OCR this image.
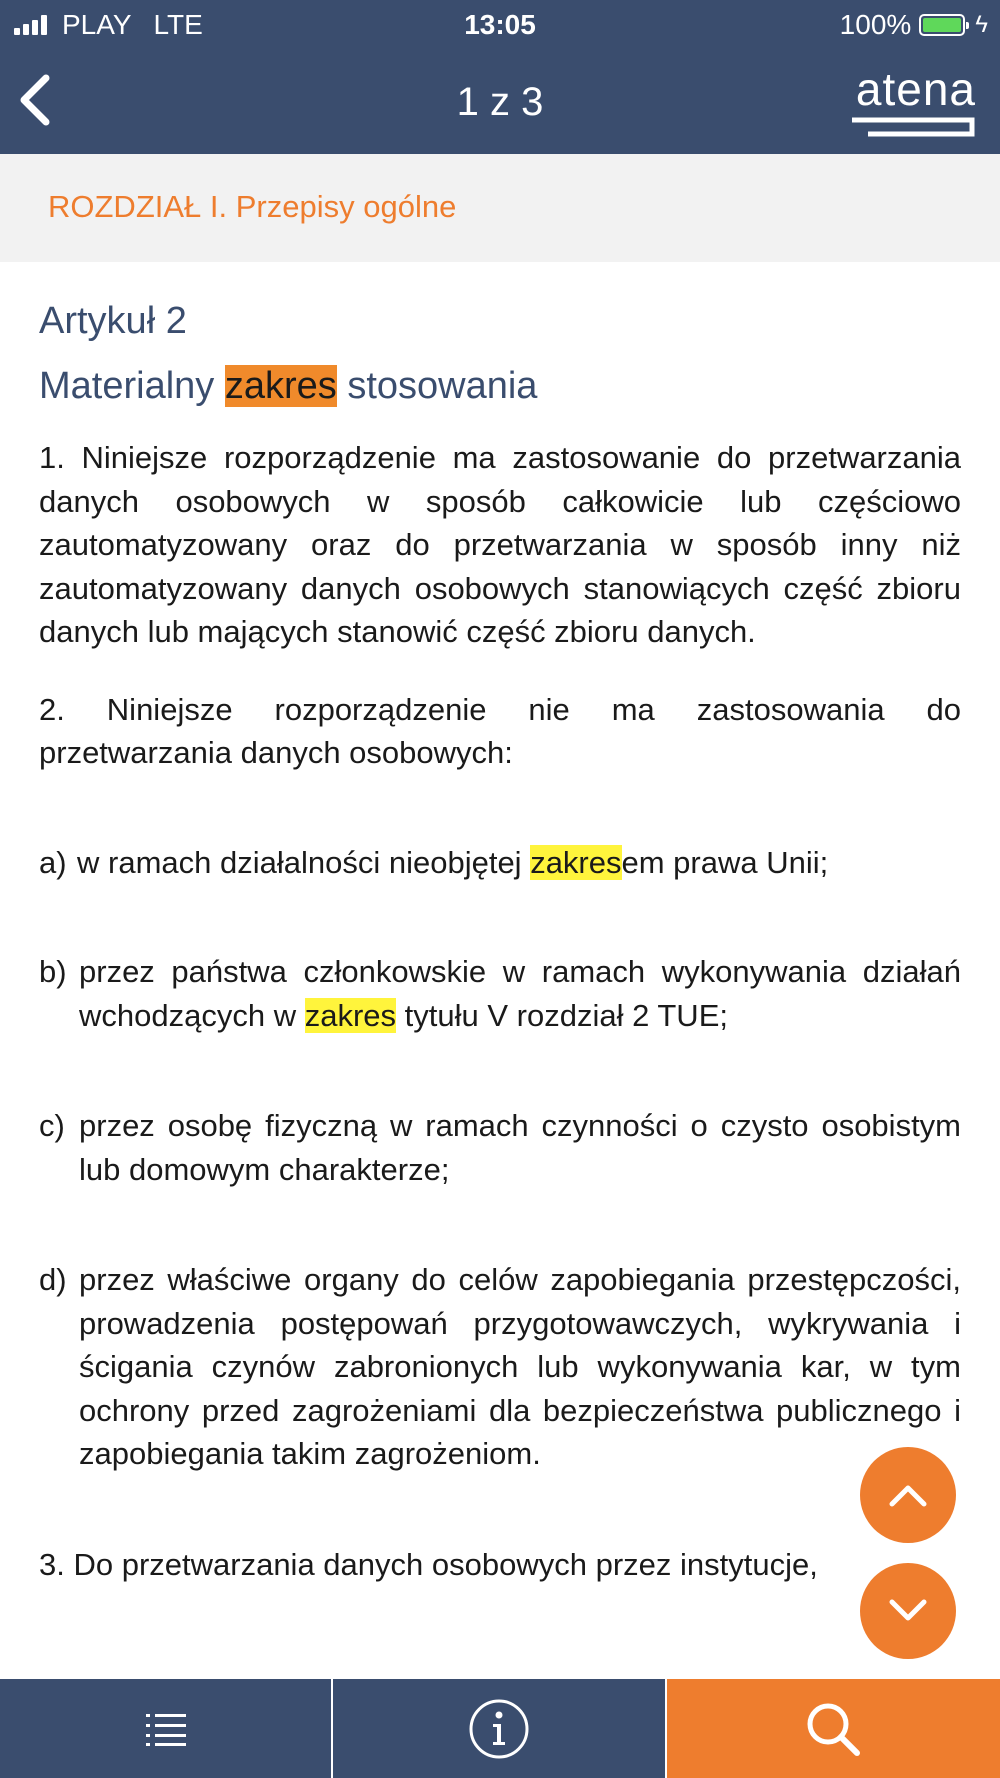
PLAY LTE	13:05	100%	ϟ
1 z 3	atena
ROZDZIAŁ I. Przepisy ogólne
Artykuł 2
Materialny zakres stosowania
1. Niniejsze rozporządzenie ma zastosowanie do przetwarzania danych osobowych w sposób całkowicie lub częściowo zautomatyzowany oraz do przetwarzania w sposób inny niż zautomatyzowany danych osobowych stanowiących część zbioru danych lub mających stanowić część zbioru danych.
2. Niniejsze rozporządzenie nie ma zastosowania do przetwarzania danych osobowych:
a) w ramach działalności nieobjętej zakresem prawa Unii;
b) przez państwa członkowskie w ramach wykonywania działań wchodzących w zakres tytułu V rozdział 2 TUE;
c) przez osobę fizyczną w ramach czynności o czysto osobistym lub domowym charakterze;
d) przez właściwe organy do celów zapobiegania przestępczości, prowadzenia postępowań przygotowawczych, wykrywania i ścigania czynów zabronionych lub wykonywania kar, w tym ochrony przed zagrożeniami dla bezpieczeństwa publicznego i zapobiegania takim zagrożeniom.
3. Do przetwarzania danych osobowych przez instytucje,
